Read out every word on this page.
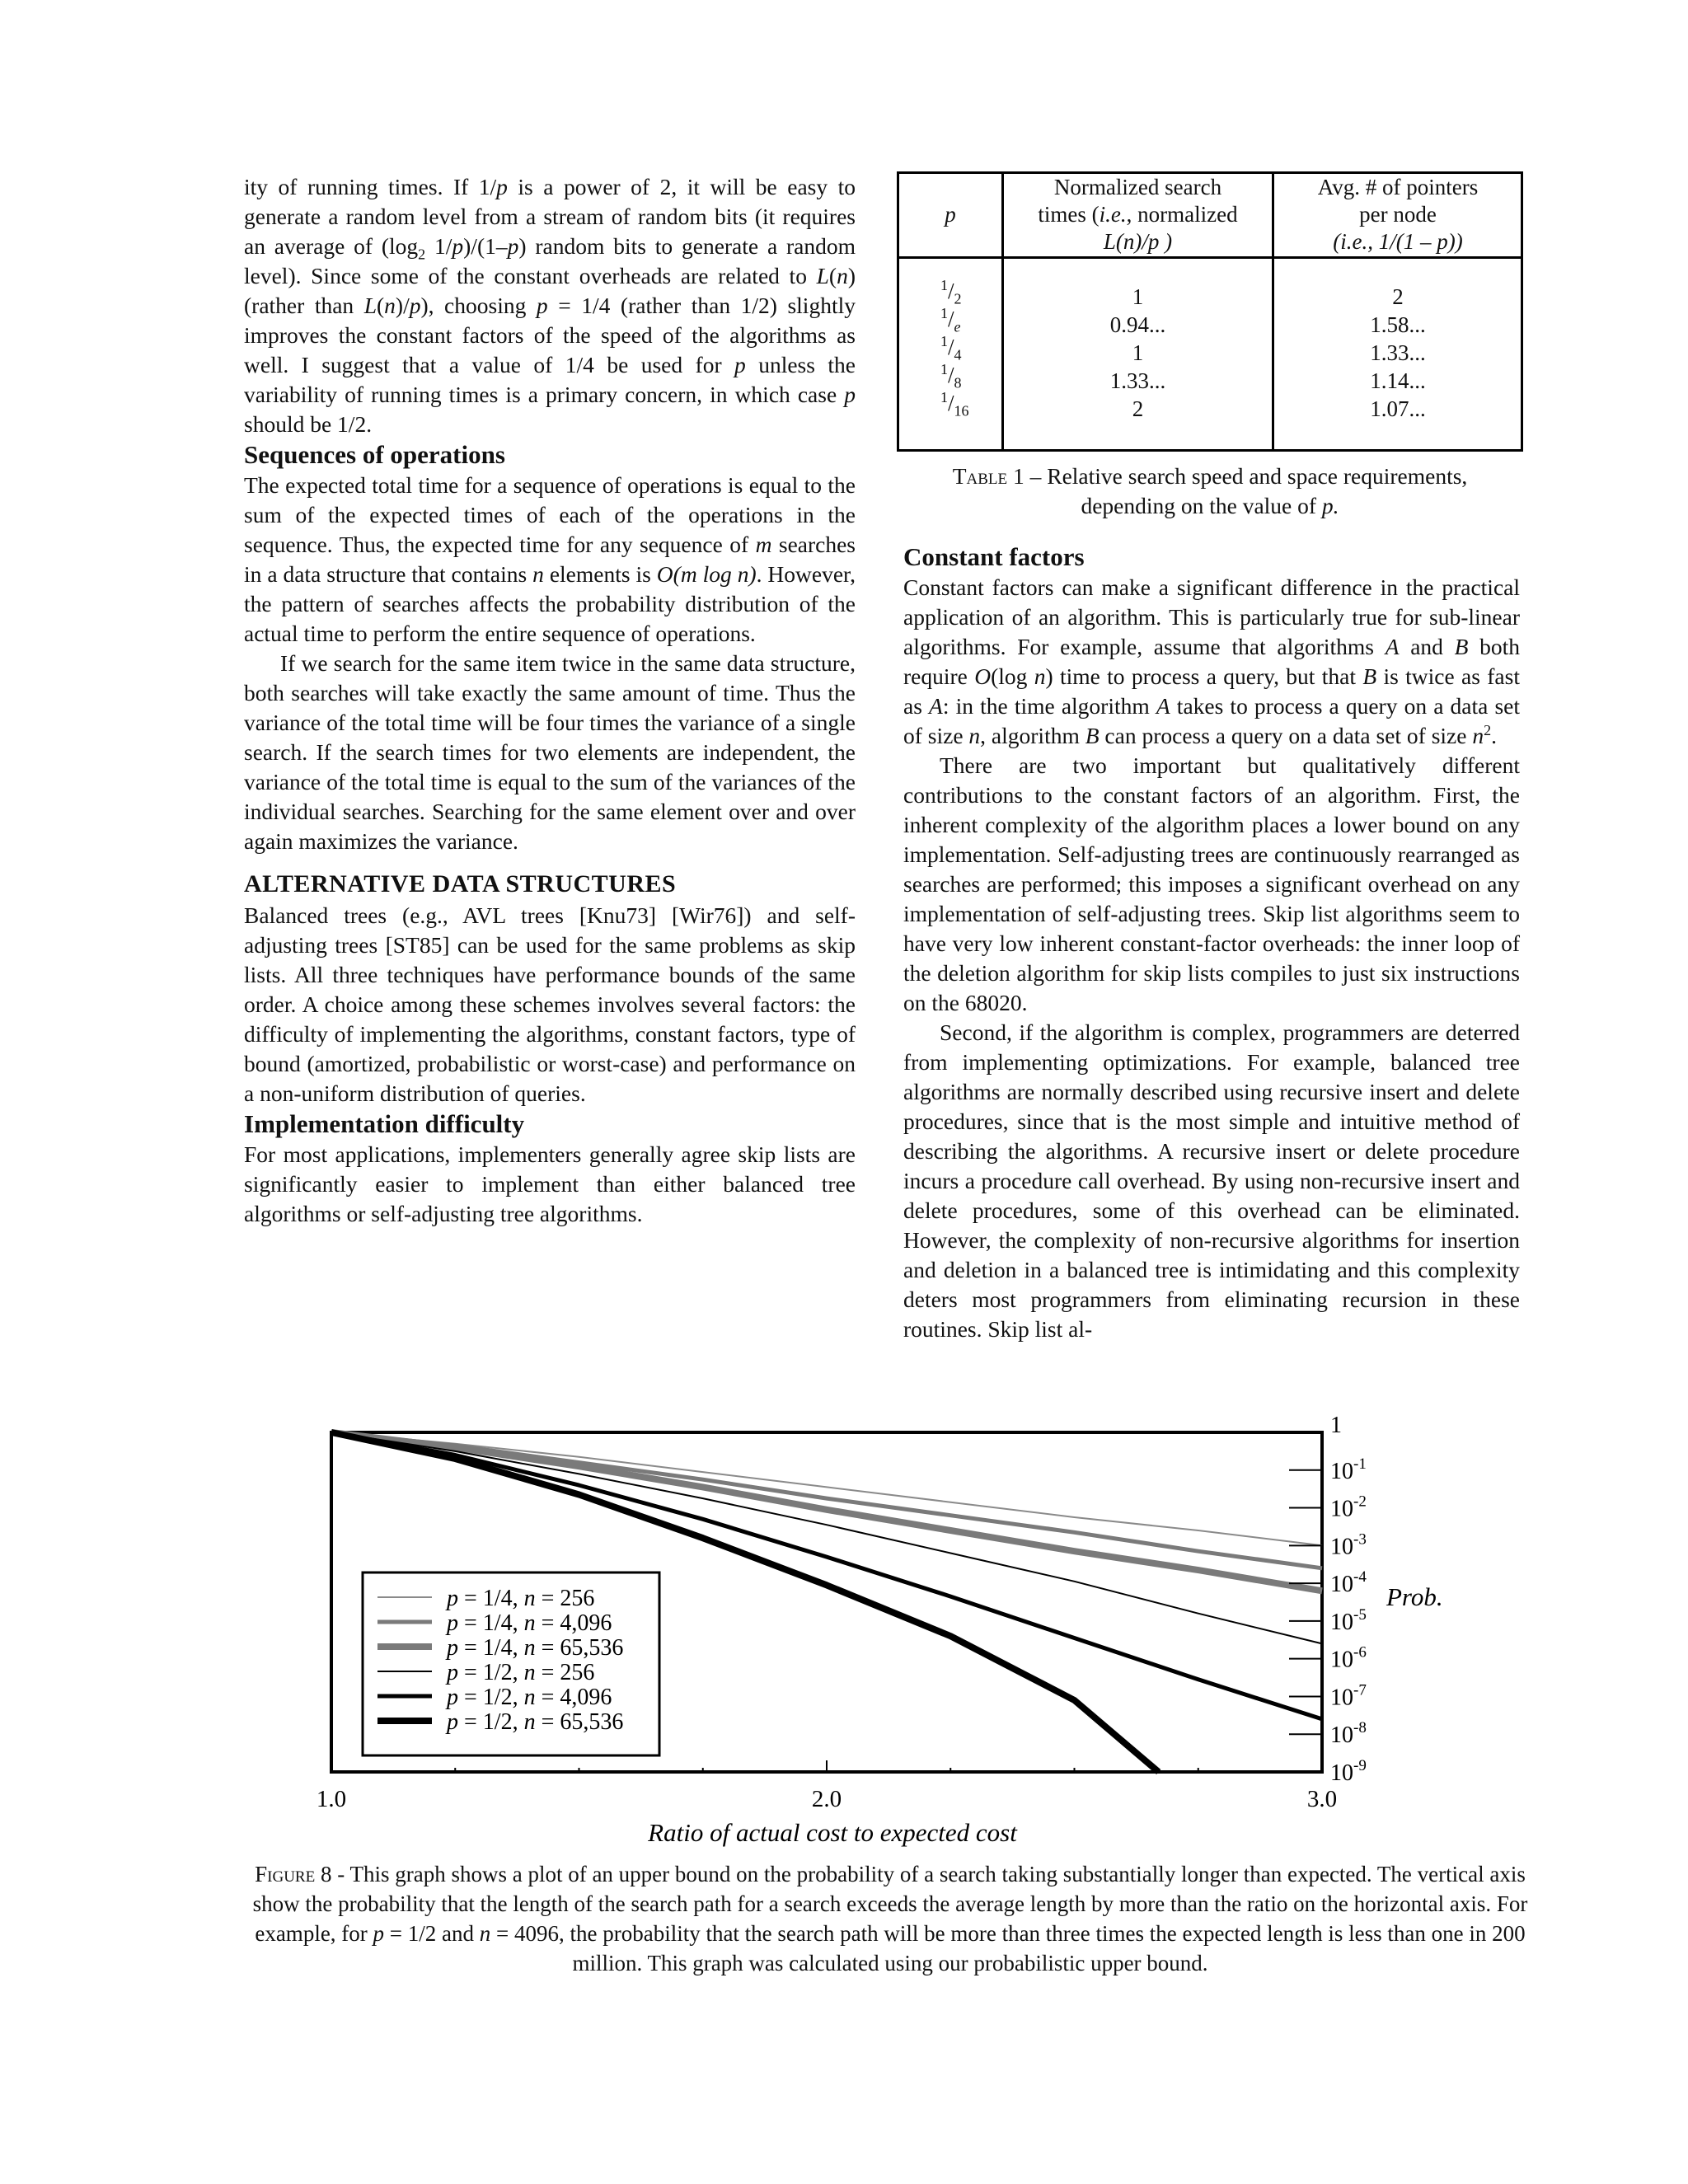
ity of running times. If 1/p is a power of 2, it will be easy to generate a random level from a stream of random bits (it requires an average of ($\log_2$ 1/p)/(1–p) random bits to generate a random level). Since some of the constant overheads are related to L(n) (rather than L(n)/p), choosing p = 1/4 (rather than 1/2) slightly improves the constant factors of the speed of the algorithms as well. I suggest that a value of 1/4 be used for p unless the variability of running times is a primary concern, in which case p should be 1/2.

Sequences of operations

The expected total time for a sequence of operations is equal to the sum of the expected times of each of the operations in the sequence. Thus, the expected time for any sequence of m searches in a data structure that contains n elements is O(m log n). However, the pattern of searches affects the probability distribution of the actual time to perform the entire sequence of operations.

If we search for the same item twice in the same data structure, both searches will take exactly the same amount of time. Thus the variance of the total time will be four times the variance of a single search. If the search times for two elements are independent, the variance of the total time is equal to the sum of the variances of the individual searches. Searching for the same element over and over again maximizes the variance.

ALTERNATIVE DATA STRUCTURES

Balanced trees (e.g., AVL trees [Knu73] [Wir76]) and self-adjusting trees [ST85] can be used for the same problems as skip lists. All three techniques have performance bounds of the same order. A choice among these schemes involves several factors: the difficulty of implementing the algorithms, constant factors, type of bound (amortized, probabilistic or worst-case) and performance on a non-uniform distribution of queries.

Implementation difficulty

For most applications, implementers generally agree skip lists are significantly easier to implement than either balanced tree algorithms or self-adjusting tree algorithms.

p
Normalized search
times (i.e., normalized
L(n)/p )
Avg. # of pointers
per node
(i.e., 1/(1 – p))
$^1/_2$
$^1/_e$
$^1/_4$
$^1/_8$
$^1/_{16}$
1
0.94...
1
1.33...
2
2
1.58...
1.33...
1.14...
1.07...
Table 1 – Relative search speed and space requirements,
depending on the value of p.
Constant factors

Constant factors can make a significant difference in the practical application of an algorithm. This is particularly true for sub-linear algorithms. For example, assume that algorithms A and B both require O(log n) time to process a query, but that B is twice as fast as A: in the time algorithm A takes to process a query on a data set of size n, algorithm B can process a query on a data set of size $n^2$.

There are two important but qualitatively different contributions to the constant factors of an algorithm. First, the inherent complexity of the algorithm places a lower bound on any implementation. Self-adjusting trees are continuously rearranged as searches are performed; this imposes a significant overhead on any implementation of self-adjusting trees. Skip list algorithms seem to have very low inherent constant-factor overheads: the inner loop of the deletion algorithm for skip lists compiles to just six instructions on the 68020.

Second, if the algorithm is complex, programmers are deterred from implementing optimizations. For example, balanced tree algorithms are normally described using recursive insert and delete procedures, since that is the most simple and intuitive method of describing the algorithms. A recursive insert or delete procedure incurs a procedure call overhead. By using non-recursive insert and delete procedures, some of this overhead can be eliminated. However, the complexity of non-recursive algorithms for insertion and deletion in a balanced tree is intimidating and this complexity deters most programmers from eliminating recursion in these routines. Skip list al-

1.0	2.0	3.0
1
$10^{-1}$
$10^{-2}$
$10^{-3}$
$10^{-4}$
$10^{-5}$
$10^{-6}$
$10^{-7}$
$10^{-8}$
$10^{-9}$
Prob.
Ratio of actual cost to expected cost
p = 1/4, n = 256
p = 1/4, n = 4,096
p = 1/4, n = 65,536
p = 1/2, n = 256
p = 1/2, n = 4,096
p = 1/2, n = 65,536
Figure 8 - This graph shows a plot of an upper bound on the probability of a search taking substantially longer than expected. The vertical axis show the probability that the length of the search path for a search exceeds the average length by more than the ratio on the horizontal axis. For example, for p = 1/2 and n = 4096, the probability that the search path will be more than three times the expected length is less than one in 200 million. This graph was calculated using our probabilistic upper bound.
